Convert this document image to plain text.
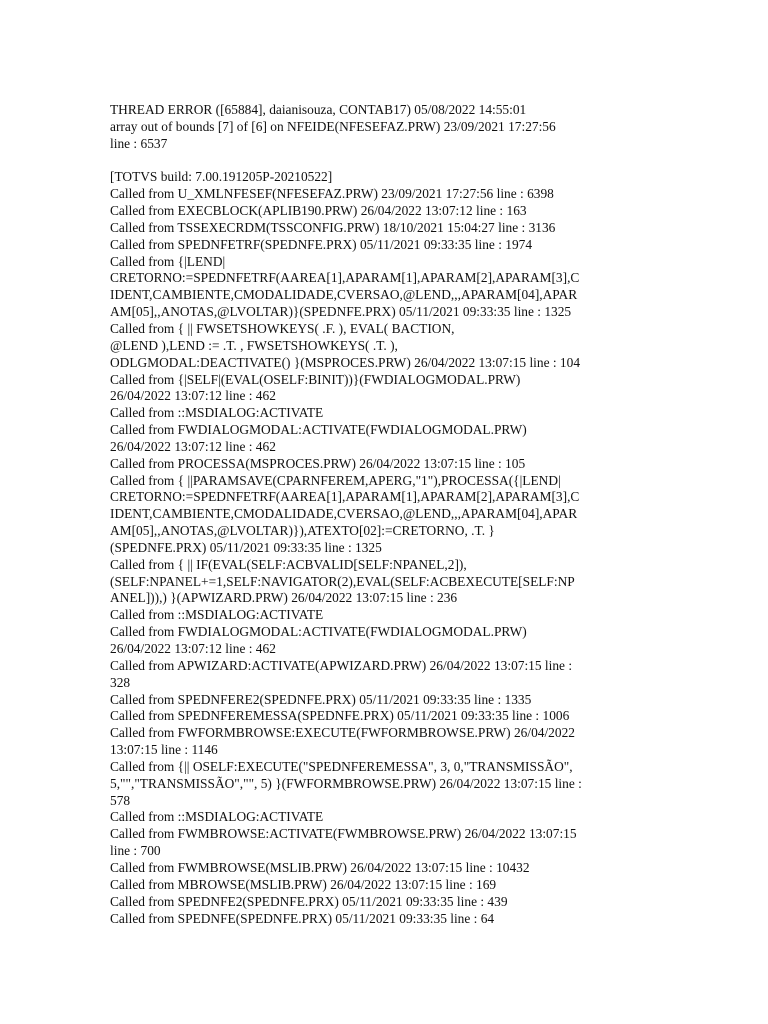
THREAD ERROR ([65884], daianisouza, CONTAB17) 05/08/2022 14:55:01
array out of bounds [7] of [6] on NFEIDE(NFESEFAZ.PRW) 23/09/2021 17:27:56
line : 6537
[TOTVS build: 7.00.191205P-20210522]
Called from U_XMLNFESEF(NFESEFAZ.PRW) 23/09/2021 17:27:56 line : 6398
Called from EXECBLOCK(APLIB190.PRW) 26/04/2022 13:07:12 line : 163
Called from TSSEXECRDM(TSSCONFIG.PRW) 18/10/2021 15:04:27 line : 3136
Called from SPEDNFETRF(SPEDNFE.PRX) 05/11/2021 09:33:35 line : 1974
Called from {|LEND|
CRETORNO:=SPEDNFETRF(AAREA[1],APARAM[1],APARAM[2],APARAM[3],C
IDENT,CAMBIENTE,CMODALIDADE,CVERSAO,@LEND,,,APARAM[04],APAR
AM[05],,ANOTAS,@LVOLTAR)}(SPEDNFE.PRX) 05/11/2021 09:33:35 line : 1325
Called from { || FWSETSHOWKEYS( .F. ), EVAL( BACTION,
@LEND ),LEND := .T. , FWSETSHOWKEYS( .T. ),
ODLGMODAL:DEACTIVATE() }(MSPROCES.PRW) 26/04/2022 13:07:15 line : 104
Called from {|SELF|(EVAL(OSELF:BINIT))}(FWDIALOGMODAL.PRW)
26/04/2022 13:07:12 line : 462
Called from ::MSDIALOG:ACTIVATE
Called from FWDIALOGMODAL:ACTIVATE(FWDIALOGMODAL.PRW)
26/04/2022 13:07:12 line : 462
Called from PROCESSA(MSPROCES.PRW) 26/04/2022 13:07:15 line : 105
Called from { ||PARAMSAVE(CPARNFEREM,APERG,"1"),PROCESSA({|LEND|
CRETORNO:=SPEDNFETRF(AAREA[1],APARAM[1],APARAM[2],APARAM[3],C
IDENT,CAMBIENTE,CMODALIDADE,CVERSAO,@LEND,,,APARAM[04],APAR
AM[05],,ANOTAS,@LVOLTAR)}),ATEXTO[02]:=CRETORNO, .T. }
(SPEDNFE.PRX) 05/11/2021 09:33:35 line : 1325
Called from { || IF(EVAL(SELF:ACBVALID[SELF:NPANEL,2]),
(SELF:NPANEL+=1,SELF:NAVIGATOR(2),EVAL(SELF:ACBEXECUTE[SELF:NP
ANEL])),) }(APWIZARD.PRW) 26/04/2022 13:07:15 line : 236
Called from ::MSDIALOG:ACTIVATE
Called from FWDIALOGMODAL:ACTIVATE(FWDIALOGMODAL.PRW)
26/04/2022 13:07:12 line : 462
Called from APWIZARD:ACTIVATE(APWIZARD.PRW) 26/04/2022 13:07:15 line :
328
Called from SPEDNFERE2(SPEDNFE.PRX) 05/11/2021 09:33:35 line : 1335
Called from SPEDNFEREMESSA(SPEDNFE.PRX) 05/11/2021 09:33:35 line : 1006
Called from FWFORMBROWSE:EXECUTE(FWFORMBROWSE.PRW) 26/04/2022
13:07:15 line : 1146
Called from {|| OSELF:EXECUTE("SPEDNFEREMESSA", 3, 0,"TRANSMISSÃO",
5,"","TRANSMISSÃO","", 5) }(FWFORMBROWSE.PRW) 26/04/2022 13:07:15 line :
578
Called from ::MSDIALOG:ACTIVATE
Called from FWMBROWSE:ACTIVATE(FWMBROWSE.PRW) 26/04/2022 13:07:15
line : 700
Called from FWMBROWSE(MSLIB.PRW) 26/04/2022 13:07:15 line : 10432
Called from MBROWSE(MSLIB.PRW) 26/04/2022 13:07:15 line : 169
Called from SPEDNFE2(SPEDNFE.PRX) 05/11/2021 09:33:35 line : 439
Called from SPEDNFE(SPEDNFE.PRX) 05/11/2021 09:33:35 line : 64
